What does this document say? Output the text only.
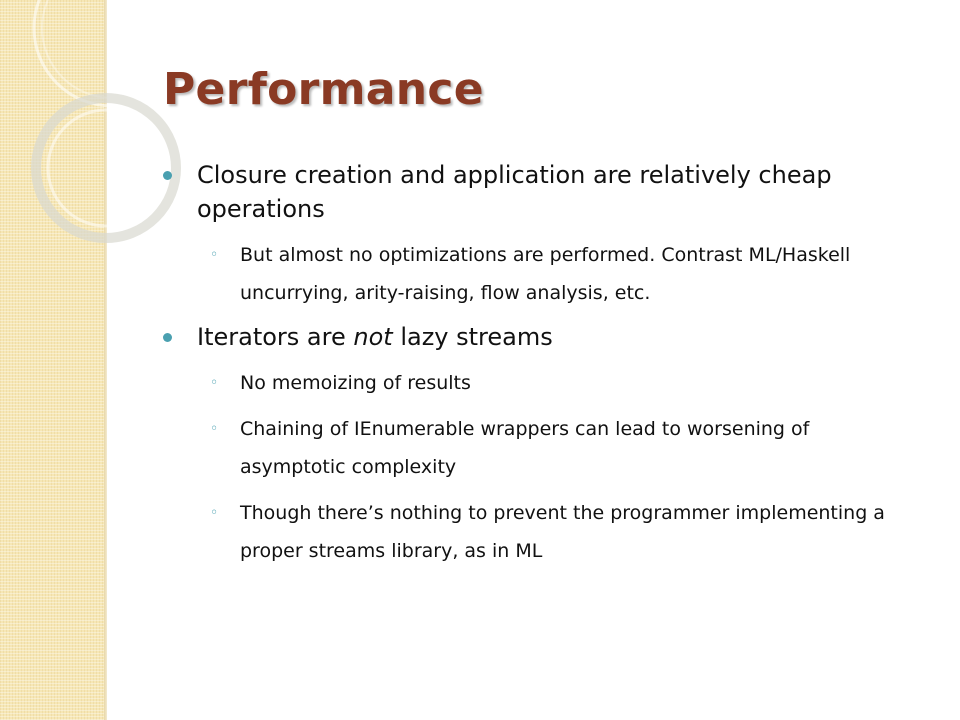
Performance
Closure creation and application are relatively cheap operations
◦ But almost no optimizations are performed. Contrast ML/Haskell uncurrying, arity-raising, flow analysis, etc.
Iterators are not lazy streams
◦ No memoizing of results
◦ Chaining of IEnumerable wrappers can lead to worsening of asymptotic complexity
◦ Though there’s nothing to prevent the programmer implementing a proper streams library, as in ML
